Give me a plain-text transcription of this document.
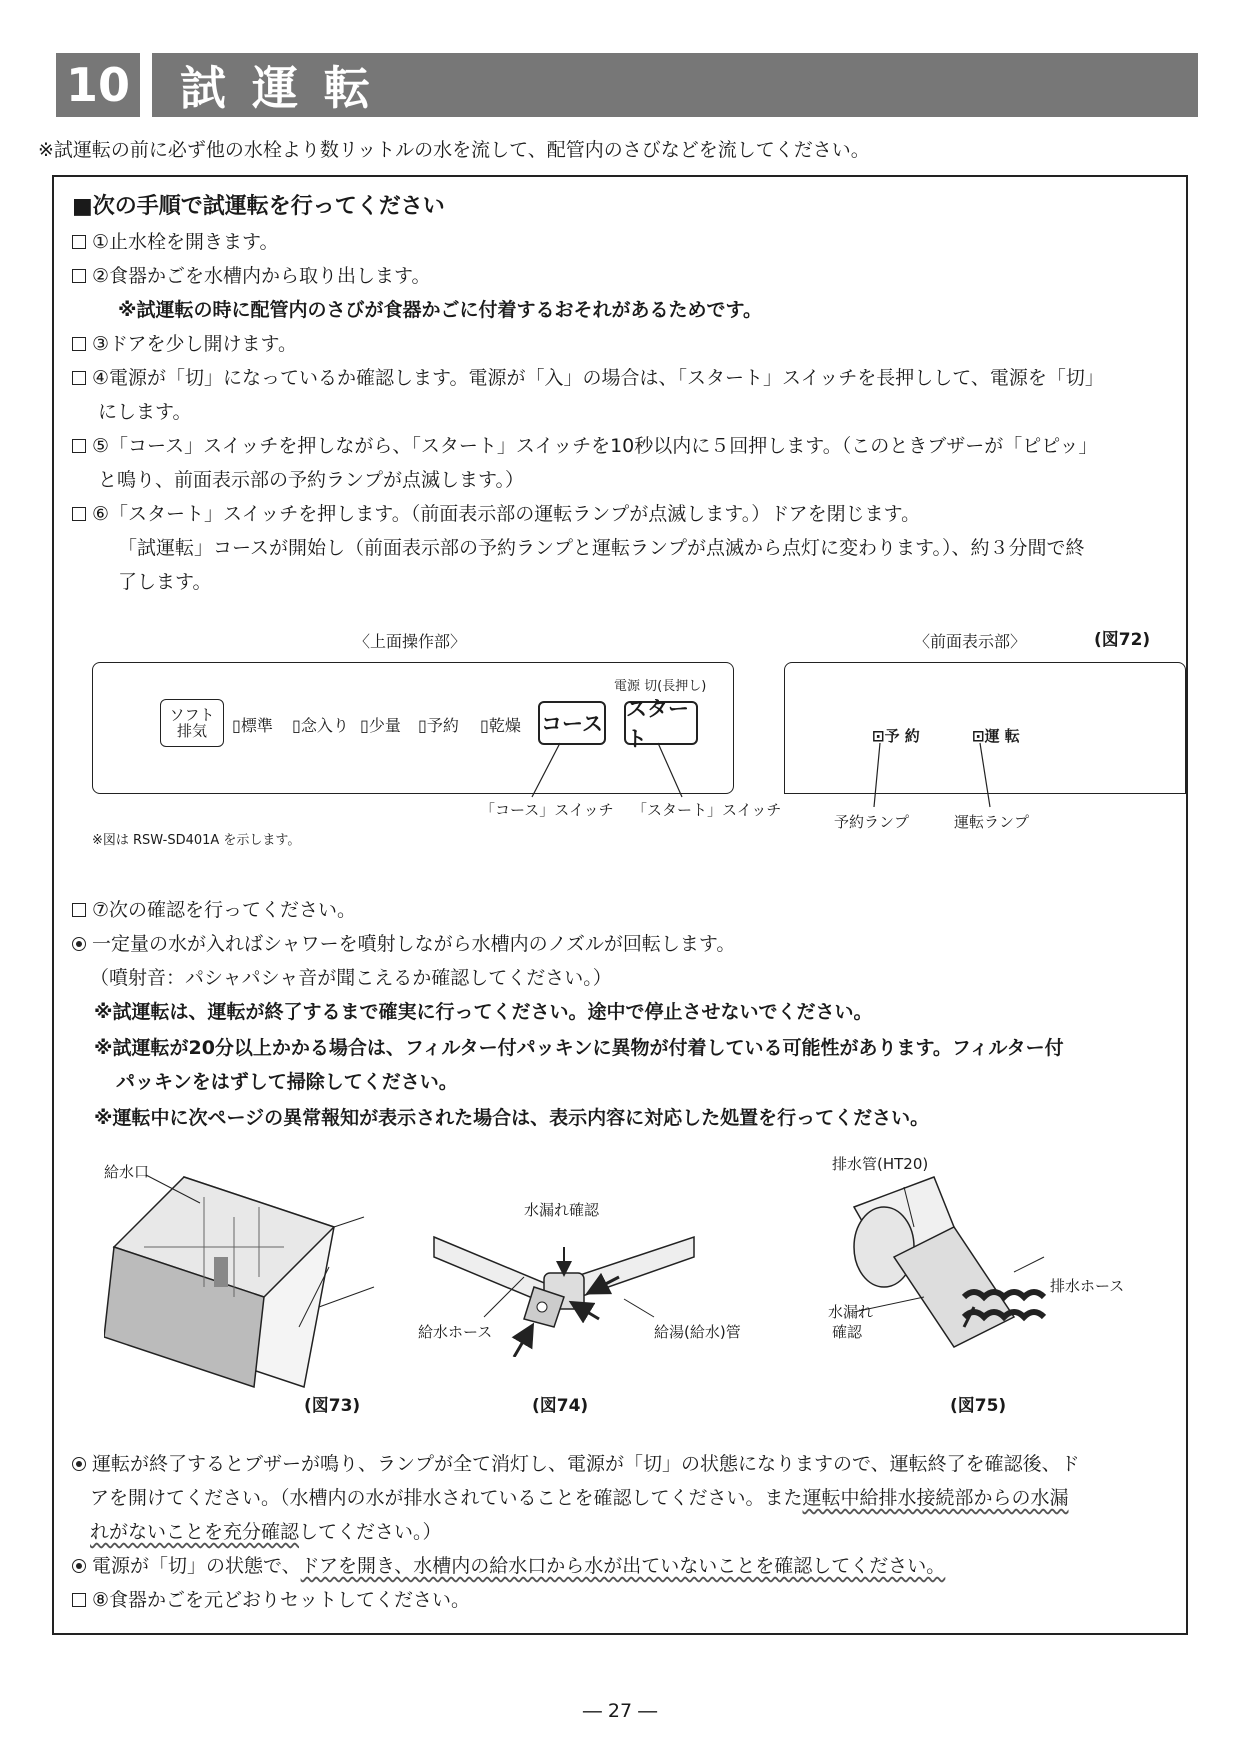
10	試運転
※試運転の前に必ず他の水栓より数リットルの水を流して、配管内のさびなどを流してください。
■次の手順で試運転を行ってください
①止水栓を開きます。
②食器かごを水槽内から取り出します。
※試運転の時に配管内のさびが食器かごに付着するおそれがあるためです。
③ドアを少し開けます。
④電源が「切」になっているか確認します。電源が「入」の場合は、「スタート」スイッチを長押しして、電源を「切」
にします。
⑤「コース」スイッチを押しながら、「スタート」スイッチを10秒以内に５回押します。（このときブザーが「ピピッ」
と鳴り、前面表示部の予約ランプが点滅します。）
⑥「スタート」スイッチを押します。（前面表示部の運転ランプが点滅します。）ドアを閉じます。
「試運転」コースが開始し（前面表示部の予約ランプと運転ランプが点滅から点灯に変わります。）、約３分間で終
了します。
〈上面操作部〉	〈前面表示部〉	(図72)
ソフト
排気 ▯標準 ▯念入り ▯少量 ▯予約 ▯乾燥 コース
電源 切(長押し)
スタート	⊡予 約	⊡運 転
「コース」スイッチ 「スタート」スイッチ
予約ランプ	運転ランプ
※図は RSW-SD401A を示します。
⑦次の確認を行ってください。
一定量の水が入ればシャワーを噴射しながら水槽内のノズルが回転します。
（噴射音：パシャパシャ音が聞こえるか確認してください。）
※試運転は、運転が終了するまで確実に行ってください。途中で停止させないでください。
※試運転が20分以上かかる場合は、フィルター付パッキンに異物が付着している可能性があります。フィルター付
パッキンをはずして掃除してください。
※運転中に次ページの異常報知が表示された場合は、表示内容に対応した処置を行ってください。
給水口
(図73)
水漏れ確認
給水ホース	給湯(給水)管
(図74)
排水管(HT20)
排水ホース
水漏れ
確認
(図75)
運転が終了するとブザーが鳴り、ランプが全て消灯し、電源が「切」の状態になりますので、運転終了を確認後、ド
アを開けてください。（水槽内の水が排水されていることを確認してください。また運転中給排水接続部からの水漏
れがないことを充分確認してください。）
電源が「切」の状態で、ドアを開き、水槽内の給水口から水が出ていないことを確認してください。
⑧食器かごを元どおりセットしてください。
― 27 ―
